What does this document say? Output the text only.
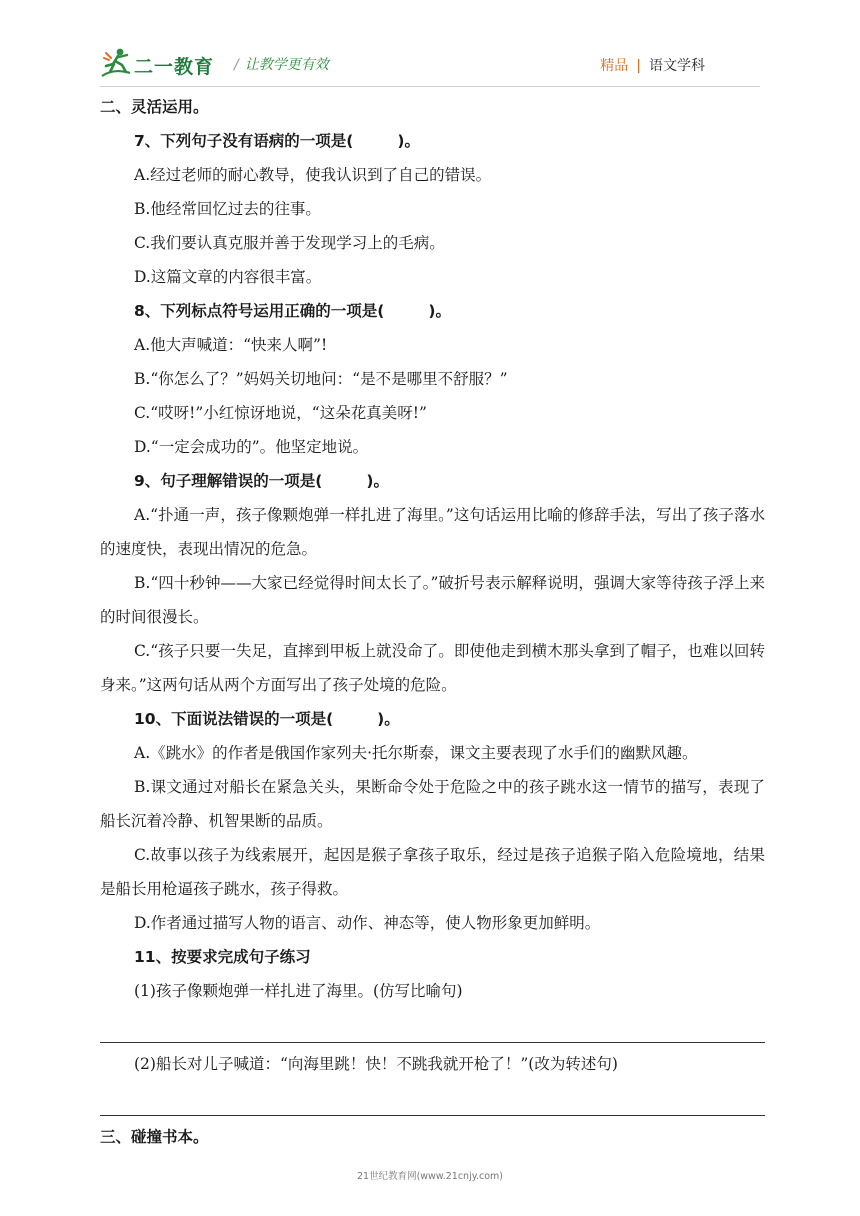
二一教育 / 让教学更有效	精品 | 语文学科

二、灵活运用。

7、下列句子没有语病的一项是(	)。

A.经过老师的耐心教导，使我认识到了自己的错误。

B.他经常回忆过去的往事。

C.我们要认真克服并善于发现学习上的毛病。

D.这篇文章的内容很丰富。

8、下列标点符号运用正确的一项是(	)。

A.他大声喊道：“快来人啊”!

B.“你怎么了？”妈妈关切地问：“是不是哪里不舒服？”

C.“哎呀!”小红惊讶地说，“这朵花真美呀!”

D.“一定会成功的”。他坚定地说。

9、句子理解错误的一项是(	)。

A.“扑通一声，孩子像颗炮弹一样扎进了海里。”这句话运用比喻的修辞手法，写出了孩子落水的速度快，表现出情况的危急。

B.“四十秒钟——大家已经觉得时间太长了。”破折号表示解释说明，强调大家等待孩子浮上来的时间很漫长。

C.“孩子只要一失足，直摔到甲板上就没命了。即使他走到横木那头拿到了帽子，也难以回转身来。”这两句话从两个方面写出了孩子处境的危险。

10、下面说法错误的一项是(	)。

A.《跳水》的作者是俄国作家列夫·托尔斯泰，课文主要表现了水手们的幽默风趣。

B.课文通过对船长在紧急关头，果断命令处于危险之中的孩子跳水这一情节的描写，表现了船长沉着冷静、机智果断的品质。

C.故事以孩子为线索展开，起因是猴子拿孩子取乐，经过是孩子追猴子陷入危险境地，结果是船长用枪逼孩子跳水，孩子得救。

D.作者通过描写人物的语言、动作、神态等，使人物形象更加鲜明。

11、按要求完成句子练习

(1)孩子像颗炮弹一样扎进了海里。(仿写比喻句)

(2)船长对儿子喊道：“向海里跳！快！不跳我就开枪了！”(改为转述句)

三、碰撞书本。

21世纪教育网(www.21cnjy.com)
